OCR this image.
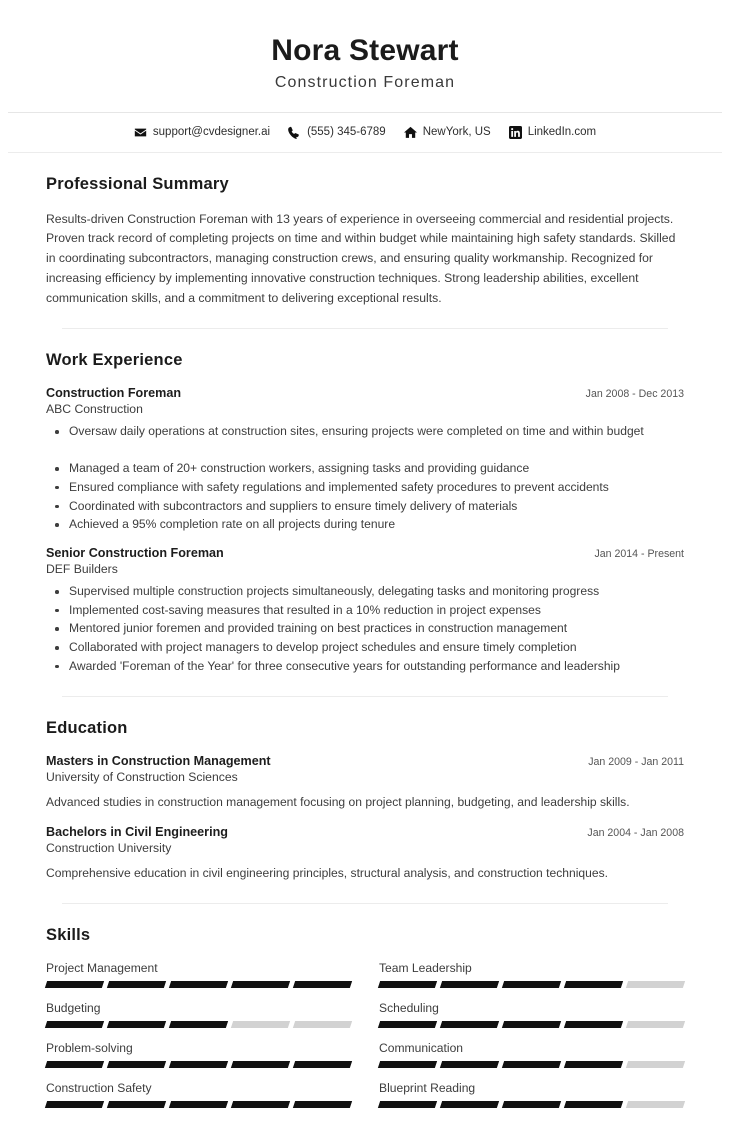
Nora Stewart
Construction Foreman
support@cvdesigner.ai	(555) 345-6789	NewYork, US	LinkedIn.com
Professional Summary

Results-driven Construction Foreman with 13 years of experience in overseeing commercial and residential projects. Proven track record of completing projects on time and within budget while maintaining high safety standards. Skilled in coordinating subcontractors, managing construction crews, and ensuring quality workmanship. Recognized for increasing efficiency by implementing innovative construction techniques. Strong leadership abilities, excellent communication skills, and a commitment to delivering exceptional results.

Work Experience
Construction Foreman	Jan 2008 - Dec 2013
ABC Construction
Oversaw daily operations at construction sites, ensuring projects were completed on time and within budget
Managed a team of 20+ construction workers, assigning tasks and providing guidance
Ensured compliance with safety regulations and implemented safety procedures to prevent accidents
Coordinated with subcontractors and suppliers to ensure timely delivery of materials
Achieved a 95% completion rate on all projects during tenure
Senior Construction Foreman	Jan 2014 - Present
DEF Builders
Supervised multiple construction projects simultaneously, delegating tasks and monitoring progress
Implemented cost-saving measures that resulted in a 10% reduction in project expenses
Mentored junior foremen and provided training on best practices in construction management
Collaborated with project managers to develop project schedules and ensure timely completion
Awarded 'Foreman of the Year' for three consecutive years for outstanding performance and leadership
Education
Masters in Construction Management	Jan 2009 - Jan 2011
University of Construction Sciences
Advanced studies in construction management focusing on project planning, budgeting, and leadership skills.
Bachelors in Civil Engineering	Jan 2004 - Jan 2008
Construction University
Comprehensive education in civil engineering principles, structural analysis, and construction techniques.
Skills
Project Management	Team Leadership
Budgeting	Scheduling
Problem-solving	Communication
Construction Safety	Blueprint Reading
